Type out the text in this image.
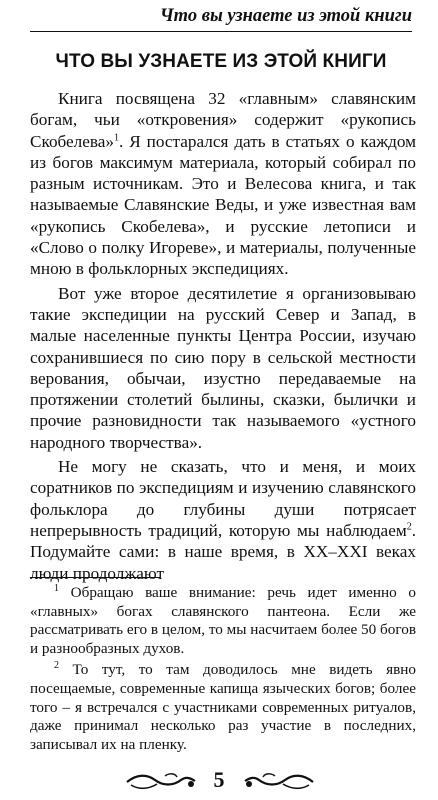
Что вы узнаете из этой книги
ЧТО ВЫ УЗНАЕТЕ ИЗ ЭТОЙ КНИГИ

Книга посвящена 32 «главным» славянским богам, чьи «откровения» содержит «рукопись Скобелева»$^1$. Я постарался дать в статьях о каждом из богов максимум материала, который собирал по разным источникам. Это и Велесова книга, и так называемые Славянские Веды, и уже известная вам «рукопись Скобелева», и русские летописи и «Слово о полку Игореве», и материалы, полученные мною в фольклорных экспедициях.

Вот уже второе десятилетие я организовываю такие экспедиции на русский Север и Запад, в малые населенные пункты Центра России, изучаю сохранившиеся по сию пору в сельской местности верования, обычаи, изустно передаваемые на протяжении столетий былины, сказки, былички и прочие разновидности так называемого «устного народного творчества».

Не могу не сказать, что и меня, и моих соратников по экспедициям и изучению славянского фольклора до глубины души потрясает непрерывность традиций, которую мы наблюдаем$^2$. Подумайте сами: в наше время, в XX–XXI веках люди продолжают

$^1$ Обращаю ваше внимание: речь идет именно о «главных» богах славянского пантеона. Если же рассматривать его в целом, то мы насчитаем более 50 богов и разнообразных духов.

$^2$ То тут, то там доводилось мне видеть явно посещаемые, современные капища языческих богов; более того – я встречался с участниками современных ритуалов, даже принимал несколько раз участие в последних, записывал их на пленку.

5
